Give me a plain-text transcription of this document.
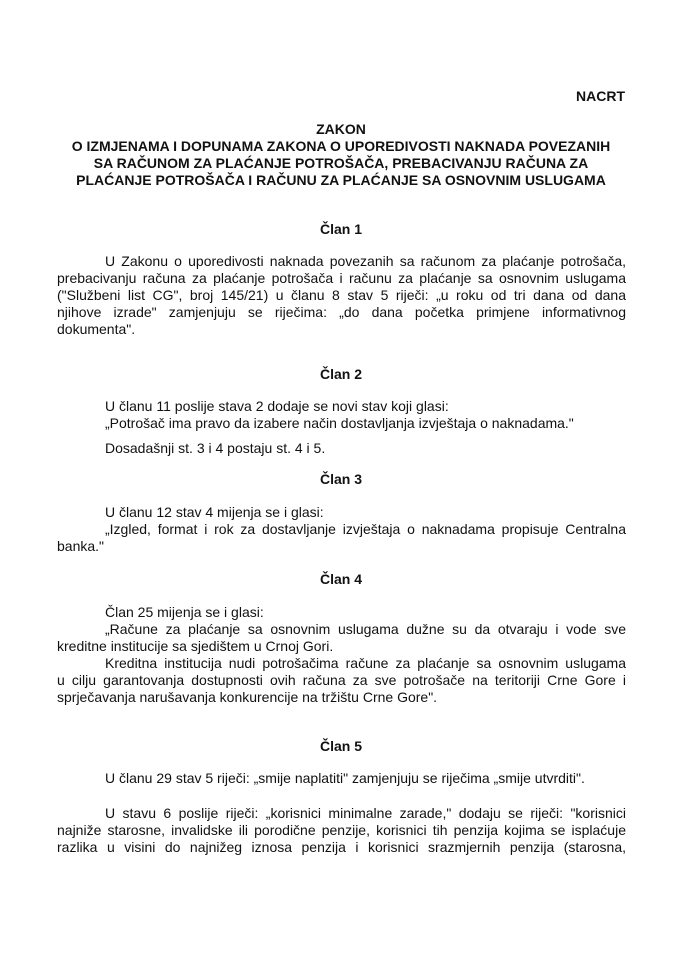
NACRT
ZAKON
O IZMJENAMA I DOPUNAMA ZAKONA O UPOREDIVOSTI NAKNADA POVEZANIH
SA RAČUNOM ZA PLAĆANJE POTROŠAČA, PREBACIVANJU RAČUNA ZA
PLAĆANJE POTROŠAČA I RAČUNU ZA PLAĆANJE SA OSNOVNIM USLUGAMA
Član 1
U Zakonu o uporedivosti naknada povezanih sa računom za plaćanje potrošača,
prebacivanju računa za plaćanje potrošača i računu za plaćanje sa osnovnim uslugama
("Službeni list CG", broj 145/21) u članu 8 stav 5 riječi: „u roku od tri dana od dana
njihove izrade" zamjenjuju se riječima: „do dana početka primjene informativnog
dokumenta".
Član 2
U članu 11 poslije stava 2 dodaje se novi stav koji glasi:
„Potrošač ima pravo da izabere način dostavljanja izvještaja o naknadama."
Dosadašnji st. 3 i 4 postaju st. 4 i 5.
Član 3
U članu 12 stav 4 mijenja se i glasi:
„Izgled, format i rok za dostavljanje izvještaja o naknadama propisuje Centralna
banka."
Član 4
Član 25 mijenja se i glasi:
„Račune za plaćanje sa osnovnim uslugama dužne su da otvaraju i vode sve
kreditne institucije sa sjedištem u Crnoj Gori.
Kreditna institucija nudi potrošačima račune za plaćanje sa osnovnim uslugama
u cilju garantovanja dostupnosti ovih računa za sve potrošače na teritoriji Crne Gore i
sprječavanja narušavanja konkurencije na tržištu Crne Gore".
Član 5
U članu 29 stav 5 riječi: „smije naplatiti" zamjenjuju se riječima „smije utvrditi".
U stavu 6 poslije riječi: „korisnici minimalne zarade," dodaju se riječi: "korisnici
najniže starosne, invalidske ili porodične penzije, korisnici tih penzija kojima se isplaćuje
razlika u visini do najnižeg iznosa penzija i korisnici srazmjernih penzija (starosna,
